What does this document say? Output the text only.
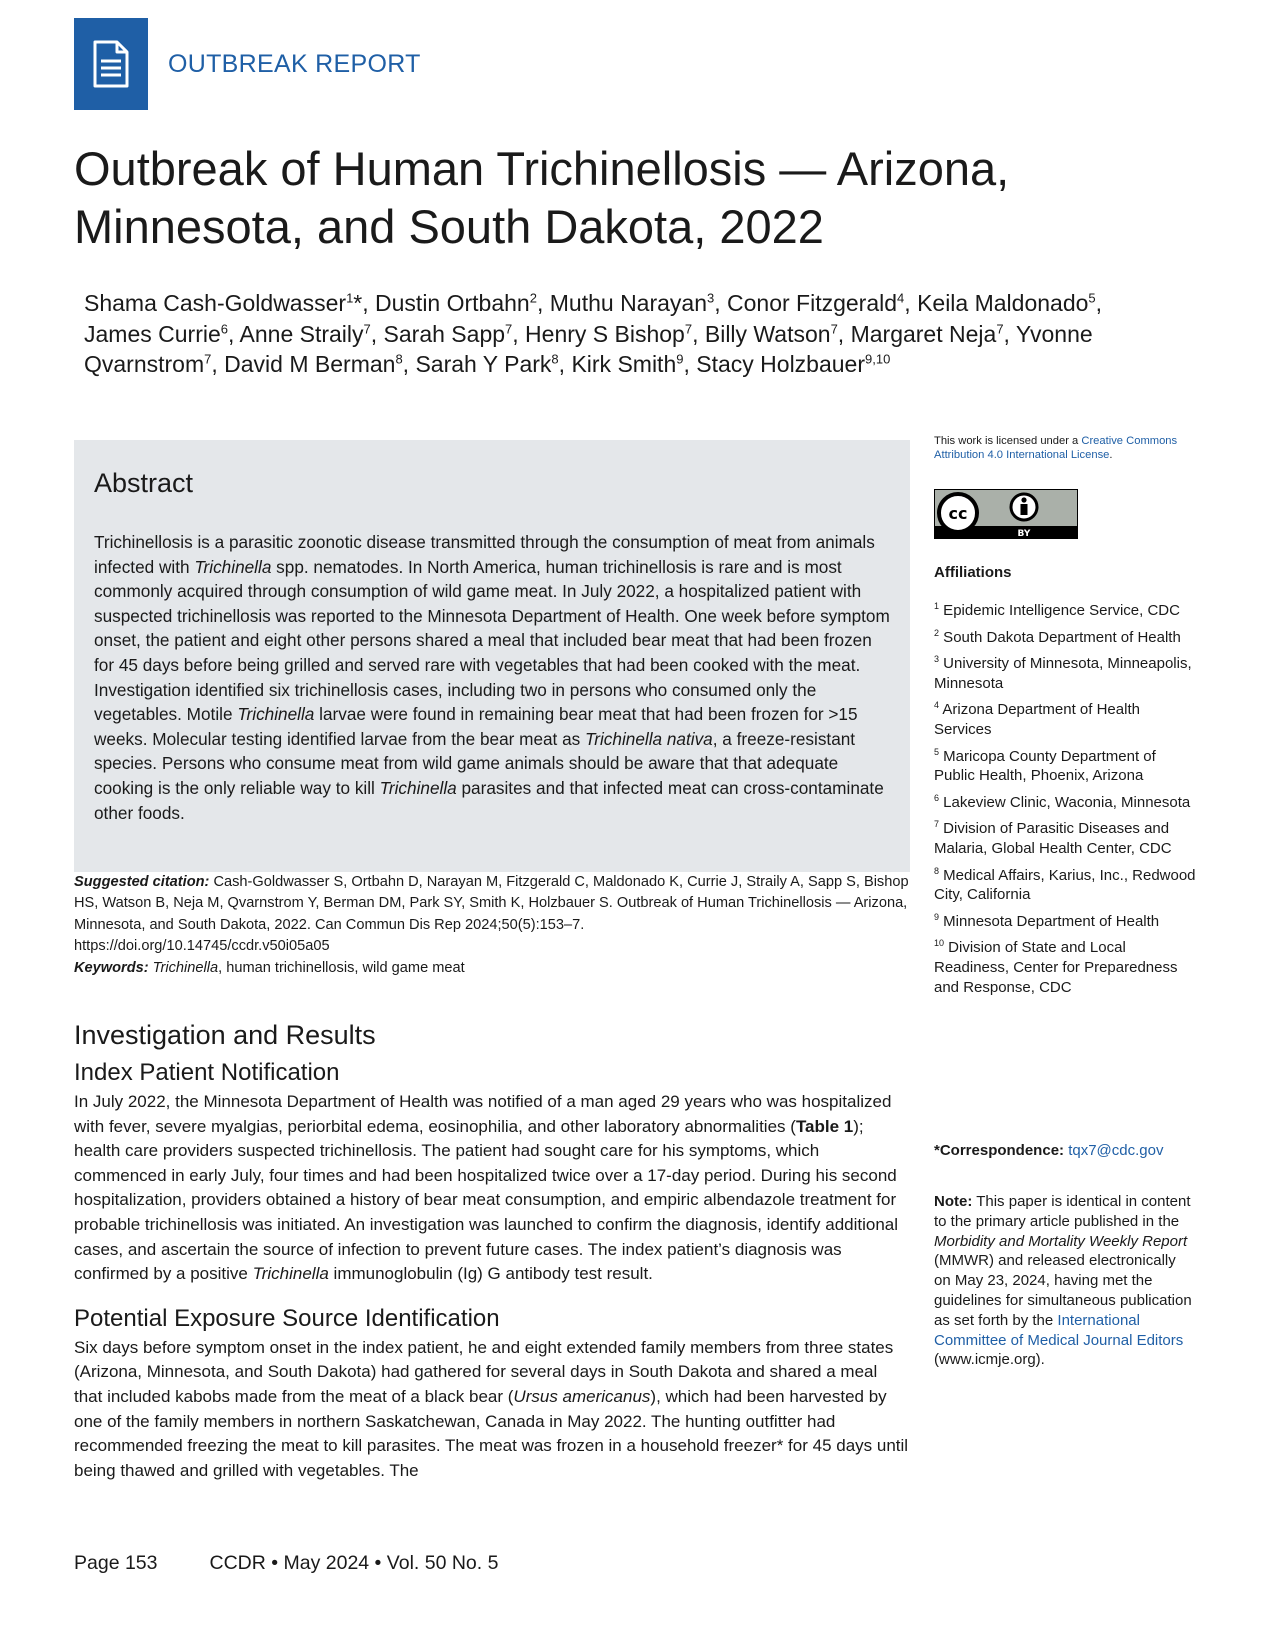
OUTBREAK REPORT
Outbreak of Human Trichinellosis — Arizona, Minnesota, and South Dakota, 2022
Shama Cash-Goldwasser$^1$*, Dustin Ortbahn$^2$, Muthu Narayan$^3$, Conor Fitzgerald$^4$, Keila Maldonado$^5$, James Currie$^6$, Anne Straily$^7$, Sarah Sapp$^7$, Henry S Bishop$^7$, Billy Watson$^7$, Margaret Neja$^7$, Yvonne Qvarnstrom$^7$, David M Berman$^8$, Sarah Y Park$^8$, Kirk Smith$^9$, Stacy Holzbauer$^{9,10}$
Abstract

Trichinellosis is a parasitic zoonotic disease transmitted through the consumption of meat from animals infected with Trichinella spp. nematodes. In North America, human trichinellosis is rare and is most commonly acquired through consumption of wild game meat. In July 2022, a hospitalized patient with suspected trichinellosis was reported to the Minnesota Department of Health. One week before symptom onset, the patient and eight other persons shared a meal that included bear meat that had been frozen for 45 days before being grilled and served rare with vegetables that had been cooked with the meat. Investigation identified six trichinellosis cases, including two in persons who consumed only the vegetables. Motile Trichinella larvae were found in remaining bear meat that had been frozen for >15 weeks. Molecular testing identified larvae from the bear meat as Trichinella nativa, a freeze-resistant species. Persons who consume meat from wild game animals should be aware that that adequate cooking is the only reliable way to kill Trichinella parasites and that infected meat can cross-contaminate other foods.

Suggested citation: Cash-Goldwasser S, Ortbahn D, Narayan M, Fitzgerald C, Maldonado K, Currie J, Straily A, Sapp S, Bishop HS, Watson B, Neja M, Qvarnstrom Y, Berman DM, Park SY, Smith K, Holzbauer S. Outbreak of Human Trichinellosis — Arizona, Minnesota, and South Dakota, 2022. Can Commun Dis Rep 2024;50(5):153–7.

https://doi.org/10.14745/ccdr.v50i05a05

Keywords: Trichinella, human trichinellosis, wild game meat

Investigation and Results
Index Patient Notification

In July 2022, the Minnesota Department of Health was notified of a man aged 29 years who was hospitalized with fever, severe myalgias, periorbital edema, eosinophilia, and other laboratory abnormalities (Table 1); health care providers suspected trichinellosis. The patient had sought care for his symptoms, which commenced in early July, four times and had been hospitalized twice over a 17-day period. During his second hospitalization, providers obtained a history of bear meat consumption, and empiric albendazole treatment for probable trichinellosis was initiated. An investigation was launched to confirm the diagnosis, identify additional cases, and ascertain the source of infection to prevent future cases. The index patient’s diagnosis was confirmed by a positive Trichinella immunoglobulin (Ig) G antibody test result.

Potential Exposure Source Identification

Six days before symptom onset in the index patient, he and eight extended family members from three states (Arizona, Minnesota, and South Dakota) had gathered for several days in South Dakota and shared a meal that included kabobs made from the meat of a black bear (Ursus americanus), which had been harvested by one of the family members in northern Saskatchewan, Canada in May 2022. The hunting outfitter had recommended freezing the meat to kill parasites. The meat was frozen in a household freezer* for 45 days until being thawed and grilled with vegetables. The

This work is licensed under a Creative Commons Attribution 4.0 International License.
cc
BY
Affiliations
$^1$ Epidemic Intelligence Service, CDC
$^2$ South Dakota Department of Health
$^3$ University of Minnesota, Minneapolis, Minnesota
$^4$ Arizona Department of Health Services
$^5$ Maricopa County Department of Public Health, Phoenix, Arizona
$^6$ Lakeview Clinic, Waconia, Minnesota
$^7$ Division of Parasitic Diseases and Malaria, Global Health Center, CDC
$^8$ Medical Affairs, Karius, Inc., Redwood City, California
$^9$ Minnesota Department of Health
$^{10}$ Division of State and Local Readiness, Center for Preparedness and Response, CDC
*Correspondence: tqx7@cdc.gov
Note: This paper is identical in content to the primary article published in the Morbidity and Mortality Weekly Report (MMWR) and released electronically on May 23, 2024, having met the guidelines for simultaneous publication as set forth by the International Committee of Medical Journal Editors (www.icmje.org).
Page 153	CCDR • May 2024 • Vol. 50 No. 5
